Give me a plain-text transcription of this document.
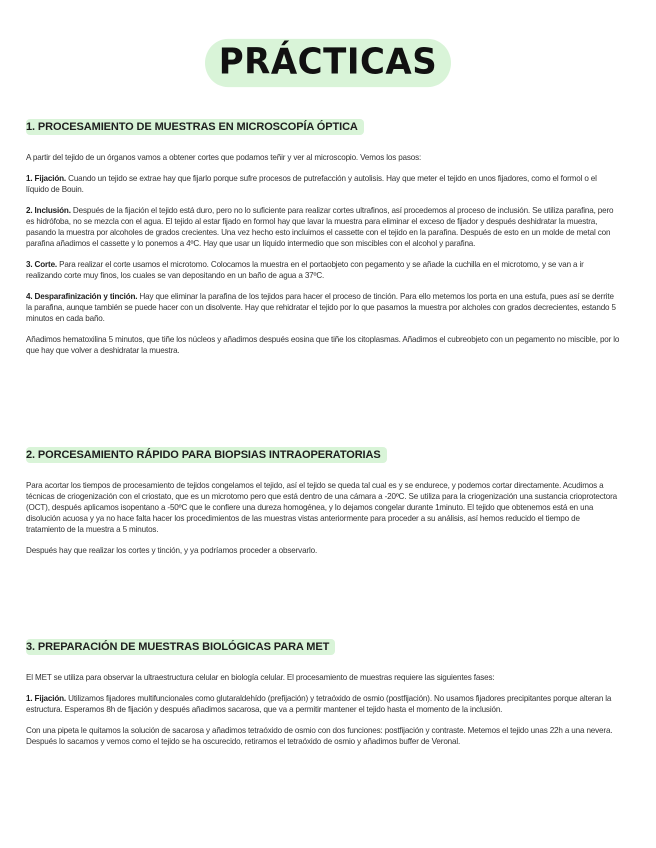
PRÁCTICAS
1. PROCESAMIENTO DE MUESTRAS EN MICROSCOPÍA ÓPTICA

A partir del tejido de un órganos vamos a obtener cortes que podamos teñir y ver al microscopio. Vemos los pasos:

1. Fijación. Cuando un tejido se extrae hay que fijarlo porque sufre procesos de putrefacción y autolisis. Hay que meter el tejido en unos fijadores, como el formol o el líquido de Bouin.

2. Inclusión. Después de la fijación el tejido está duro, pero no lo suficiente para realizar cortes ultrafinos, así procedemos al proceso de inclusión. Se utiliza parafina, pero es hidrófoba, no se mezcla con el agua. El tejido al estar fijado en formol hay que lavar la muestra para eliminar el exceso de fijador y después deshidratar la muestra, pasando la muestra por alcoholes de grados crecientes. Una vez hecho esto incluimos el cassette con el tejido en la parafina. Después de esto en un molde de metal con parafina añadimos el cassette y lo ponemos a 4ºC. Hay que usar un líquido intermedio que son miscibles con el alcohol y parafina.

3. Corte. Para realizar el corte usamos el microtomo. Colocamos la muestra en el portaobjeto con pegamento y se añade la cuchilla en el microtomo, y se van a ir realizando corte muy finos, los cuales se van depositando en un baño de agua a 37ºC.

4. Desparafinización y tinción. Hay que eliminar la parafina de los tejidos para hacer el proceso de tinción. Para ello metemos los porta en una estufa, pues así se derrite la parafina, aunque también se puede hacer con un disolvente. Hay que rehidratar el tejido por lo que pasamos la muestra por alcholes con grados decrecientes, estando 5 minutos en cada baño.

Añadimos hematoxilina 5 minutos, que tiñe los núcleos y añadimos después eosina que tiñe los citoplasmas. Añadimos el cubreobjeto con un pegamento no miscible, por lo que hay que volver a deshidratar la muestra.

2. PORCESAMIENTO RÁPIDO PARA BIOPSIAS INTRAOPERATORIAS

Para acortar los tiempos de procesamiento de tejidos congelamos el tejido, así el tejido se queda tal cual es y se endurece, y podemos cortar directamente. Acudimos a técnicas de criogenización con el criostato, que es un microtomo pero que está dentro de una cámara a -20ºC. Se utiliza para la criogenización una sustancia crioprotectora (OCT), después aplicamos isopentano a -50ºC que le confiere una dureza homogénea, y lo dejamos congelar durante 1minuto. El tejido que obtenemos está en una disolución acuosa y ya no hace falta hacer los procedimientos de las muestras vistas anteriormente para proceder a su análisis, así hemos reducido el tiempo de tratamiento de la muestra a 5 minutos.

Después hay que realizar los cortes y tinción, y ya podríamos proceder a observarlo.

3. PREPARACIÓN DE MUESTRAS BIOLÓGICAS PARA MET

El MET se utiliza para observar la ultraestructura celular en biología celular. El procesamiento de muestras requiere las siguientes fases:

1. Fijación. Utilizamos fijadores multifuncionales como glutaraldehído (prefijación) y tetraóxido de osmio (postfijación). No usamos fijadores precipitantes porque alteran la estructura. Esperamos 8h de fijación y después añadimos sacarosa, que va a permitir mantener el tejido hasta el momento de la inclusión.

Con una pipeta le quitamos la solución de sacarosa y añadimos tetraóxido de osmio con dos funciones: postfijación y contraste. Metemos el tejido unas 22h a una nevera. Después lo sacamos y vemos como el tejido se ha oscurecido, retiramos el tetraóxido de osmio y añadimos buffer de Veronal.
